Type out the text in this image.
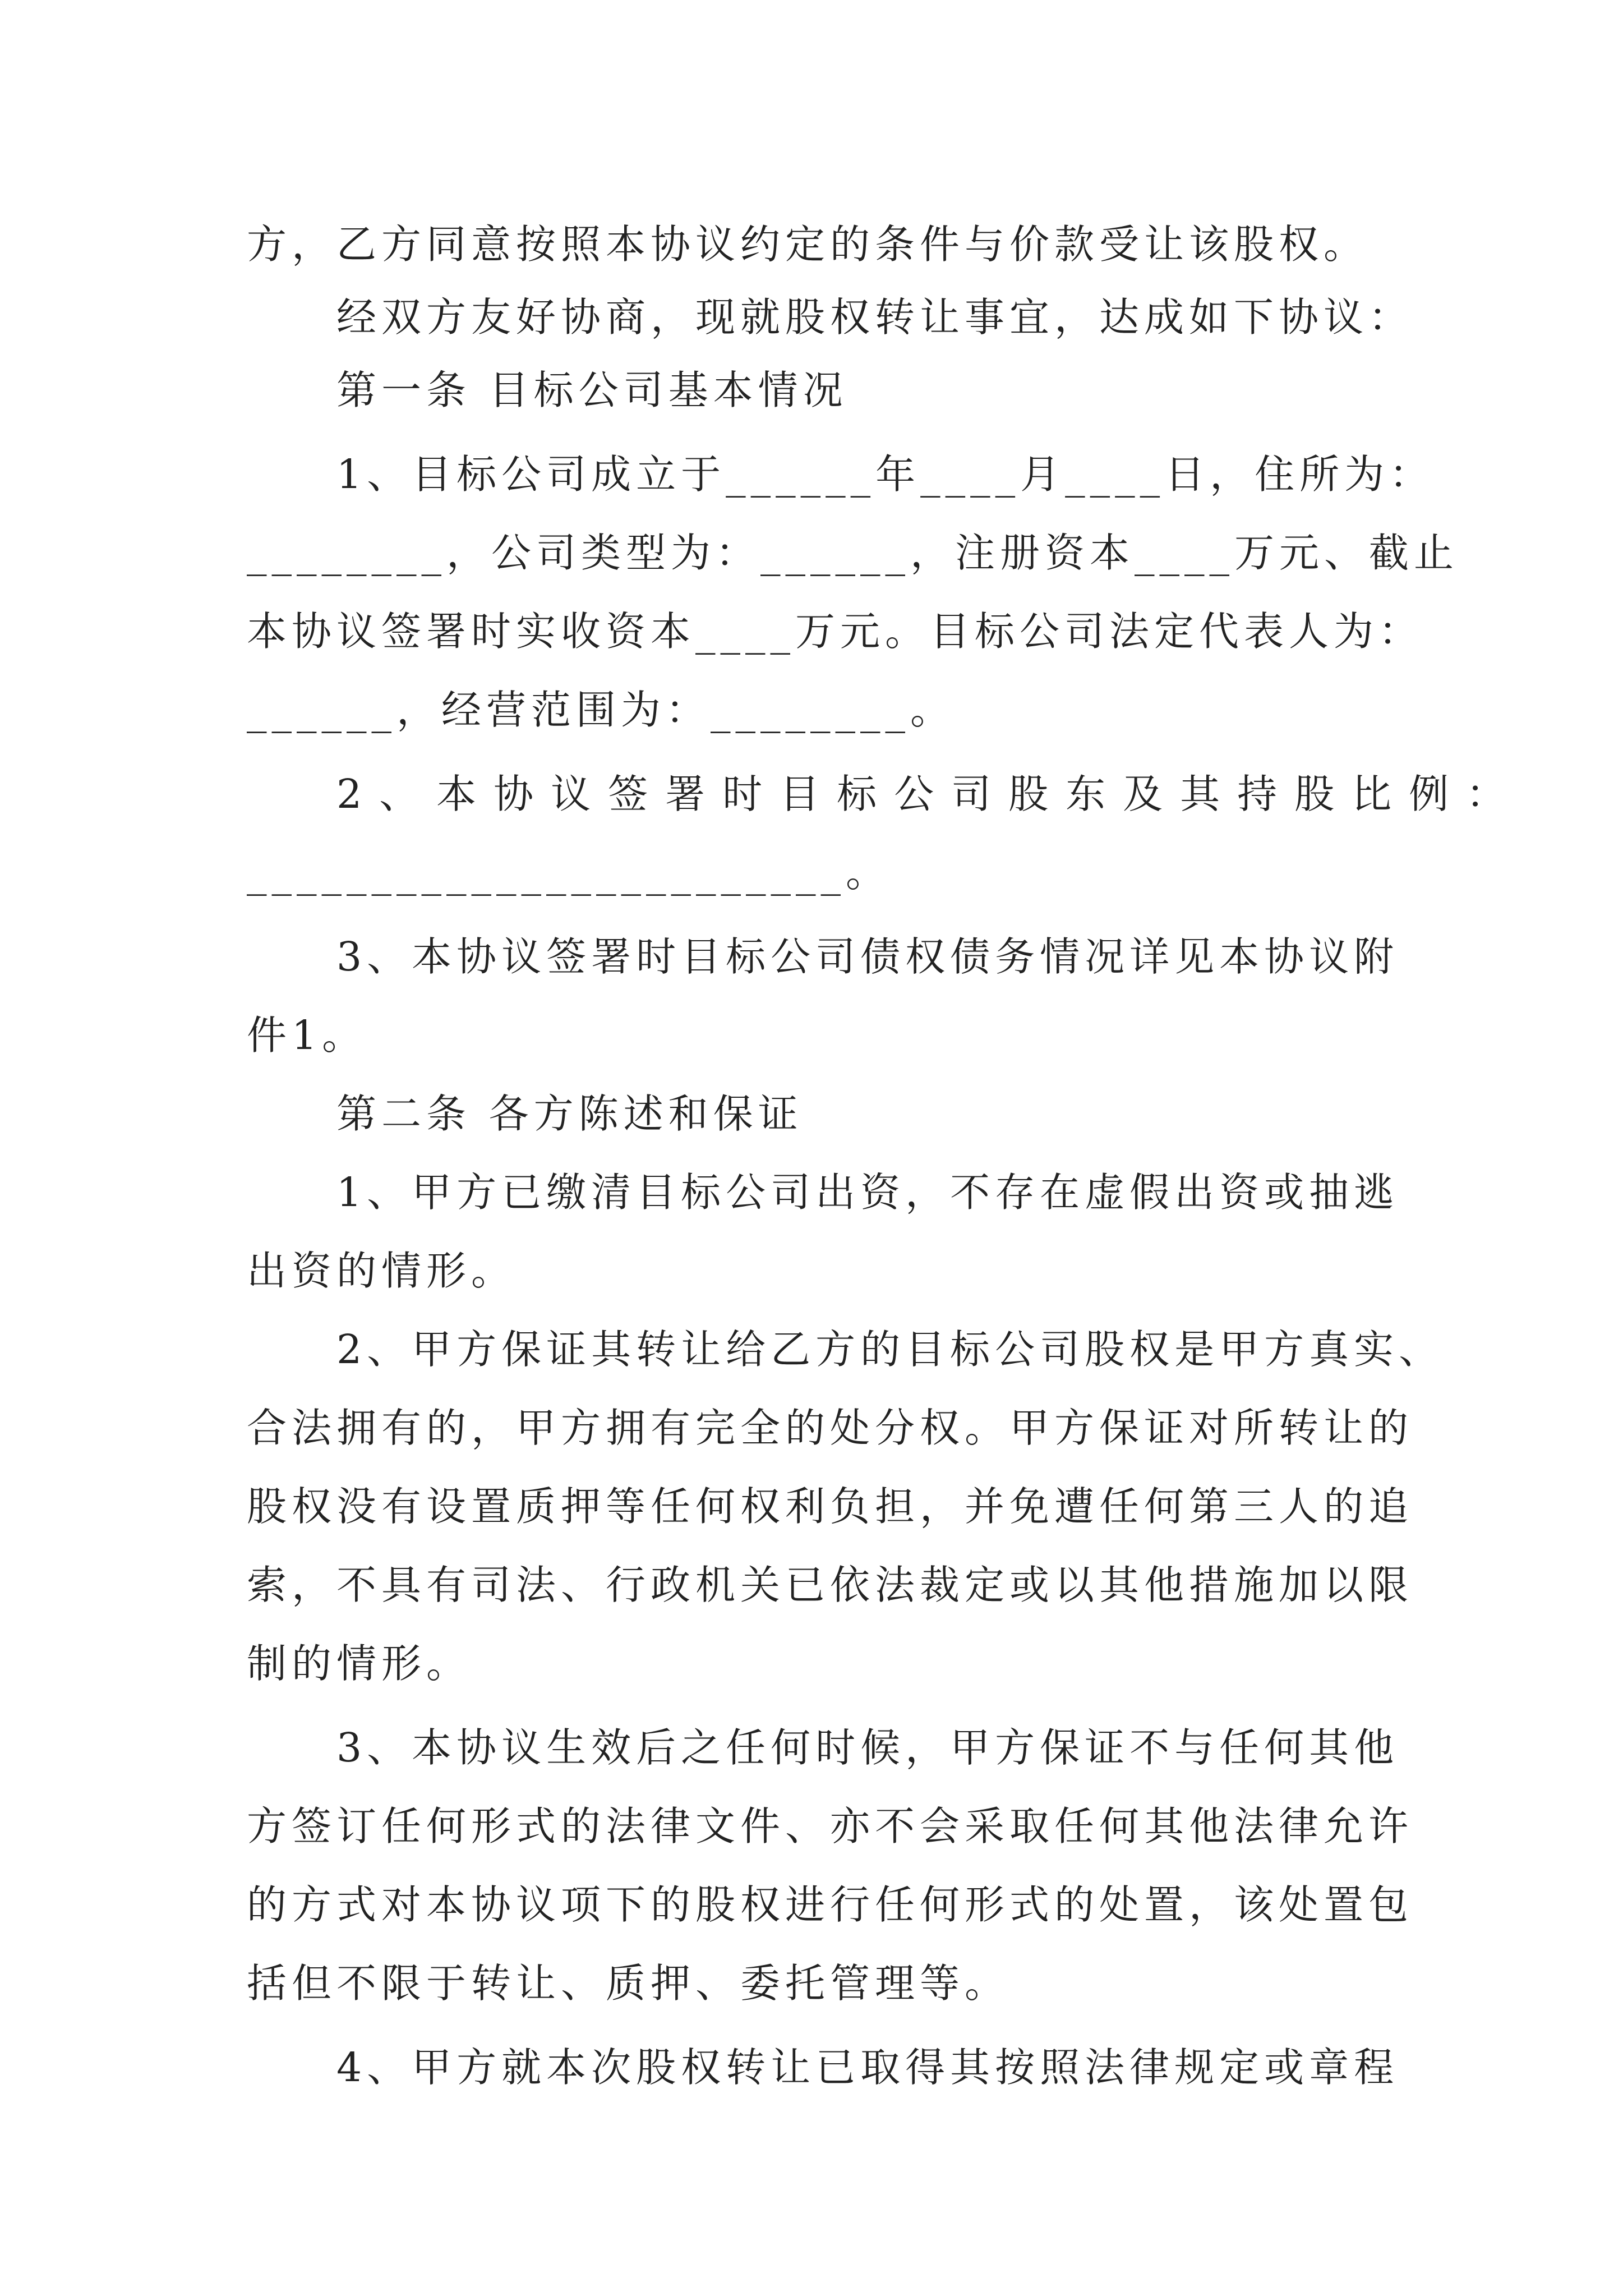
方，乙方同意按照本协议约定的条件与价款受让该股权。

经双方友好协商，现就股权转让事宜，达成如下协议：

第一条 目标公司基本情况

1、目标公司成立于______年____月____日，住所为：

________，公司类型为：______，注册资本____万元、截止

本协议签署时实收资本____万元。目标公司法定代表人为：

______，经营范围为：________。

2、本协议签署时目标公司股东及其持股比例：

________________________。

3、本协议签署时目标公司债权债务情况详见本协议附

件1。

第二条 各方陈述和保证

1、甲方已缴清目标公司出资，不存在虚假出资或抽逃

出资的情形。

2、甲方保证其转让给乙方的目标公司股权是甲方真实、

合法拥有的，甲方拥有完全的处分权。甲方保证对所转让的

股权没有设置质押等任何权利负担，并免遭任何第三人的追

索，不具有司法、行政机关已依法裁定或以其他措施加以限

制的情形。

3、本协议生效后之任何时候，甲方保证不与任何其他

方签订任何形式的法律文件、亦不会采取任何其他法律允许

的方式对本协议项下的股权进行任何形式的处置，该处置包

括但不限于转让、质押、委托管理等。

4、甲方就本次股权转让已取得其按照法律规定或章程
